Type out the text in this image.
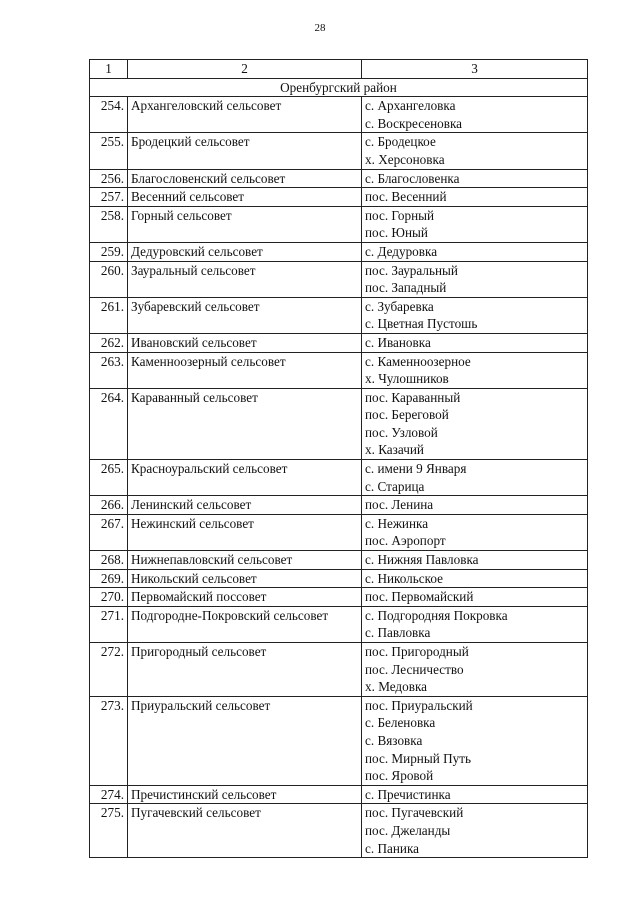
28
1	2	3
Оренбургский район		
254.	Архангеловский сельсовет	с. Архангеловка
с. Воскресеновка

255.	Бродецкий сельсовет	с. Бродецкое
х. Херсоновка

256.	Благословенский сельсовет	с. Благословенка

257.	Весенний сельсовет	пос. Весенний

258.	Горный сельсовет	пос. Горный
пос. Юный

259.	Дедуровский сельсовет	с. Дедуровка

260.	Зауральный сельсовет	пос. Зауральный
пос. Западный

261.	Зубаревский сельсовет	с. Зубаревка
с. Цветная Пустошь

262.	Ивановский сельсовет	с. Ивановка

263.	Каменноозерный сельсовет	с. Каменноозерное
х. Чулошников

264.	Караванный сельсовет	пос. Караванный
пос. Береговой
пос. Узловой
х. Казачий

265.	Красноуральский сельсовет	с. имени 9 Января
с. Старица

266.	Ленинский сельсовет	пос. Ленина

267.	Нежинский сельсовет	с. Нежинка
пос. Аэропорт

268.	Нижнепавловский сельсовет	с. Нижняя Павловка

269.	Никольский сельсовет	с. Никольское

270.	Первомайский поссовет	пос. Первомайский

271.	Подгородне-Покровский сельсовет	с. Подгородняя Покровка
с. Павловка

272.	Пригородный сельсовет	пос. Пригородный
пос. Лесничество
х. Медовка

273.	Приуральский сельсовет	пос. Приуральский
с. Беленовка
с. Вязовка
пос. Мирный Путь
пос. Яровой

274.	Пречистинский сельсовет	с. Пречистинка

275.	Пугачевский сельсовет	пос. Пугачевский
пос. Джеланды
с. Паника
